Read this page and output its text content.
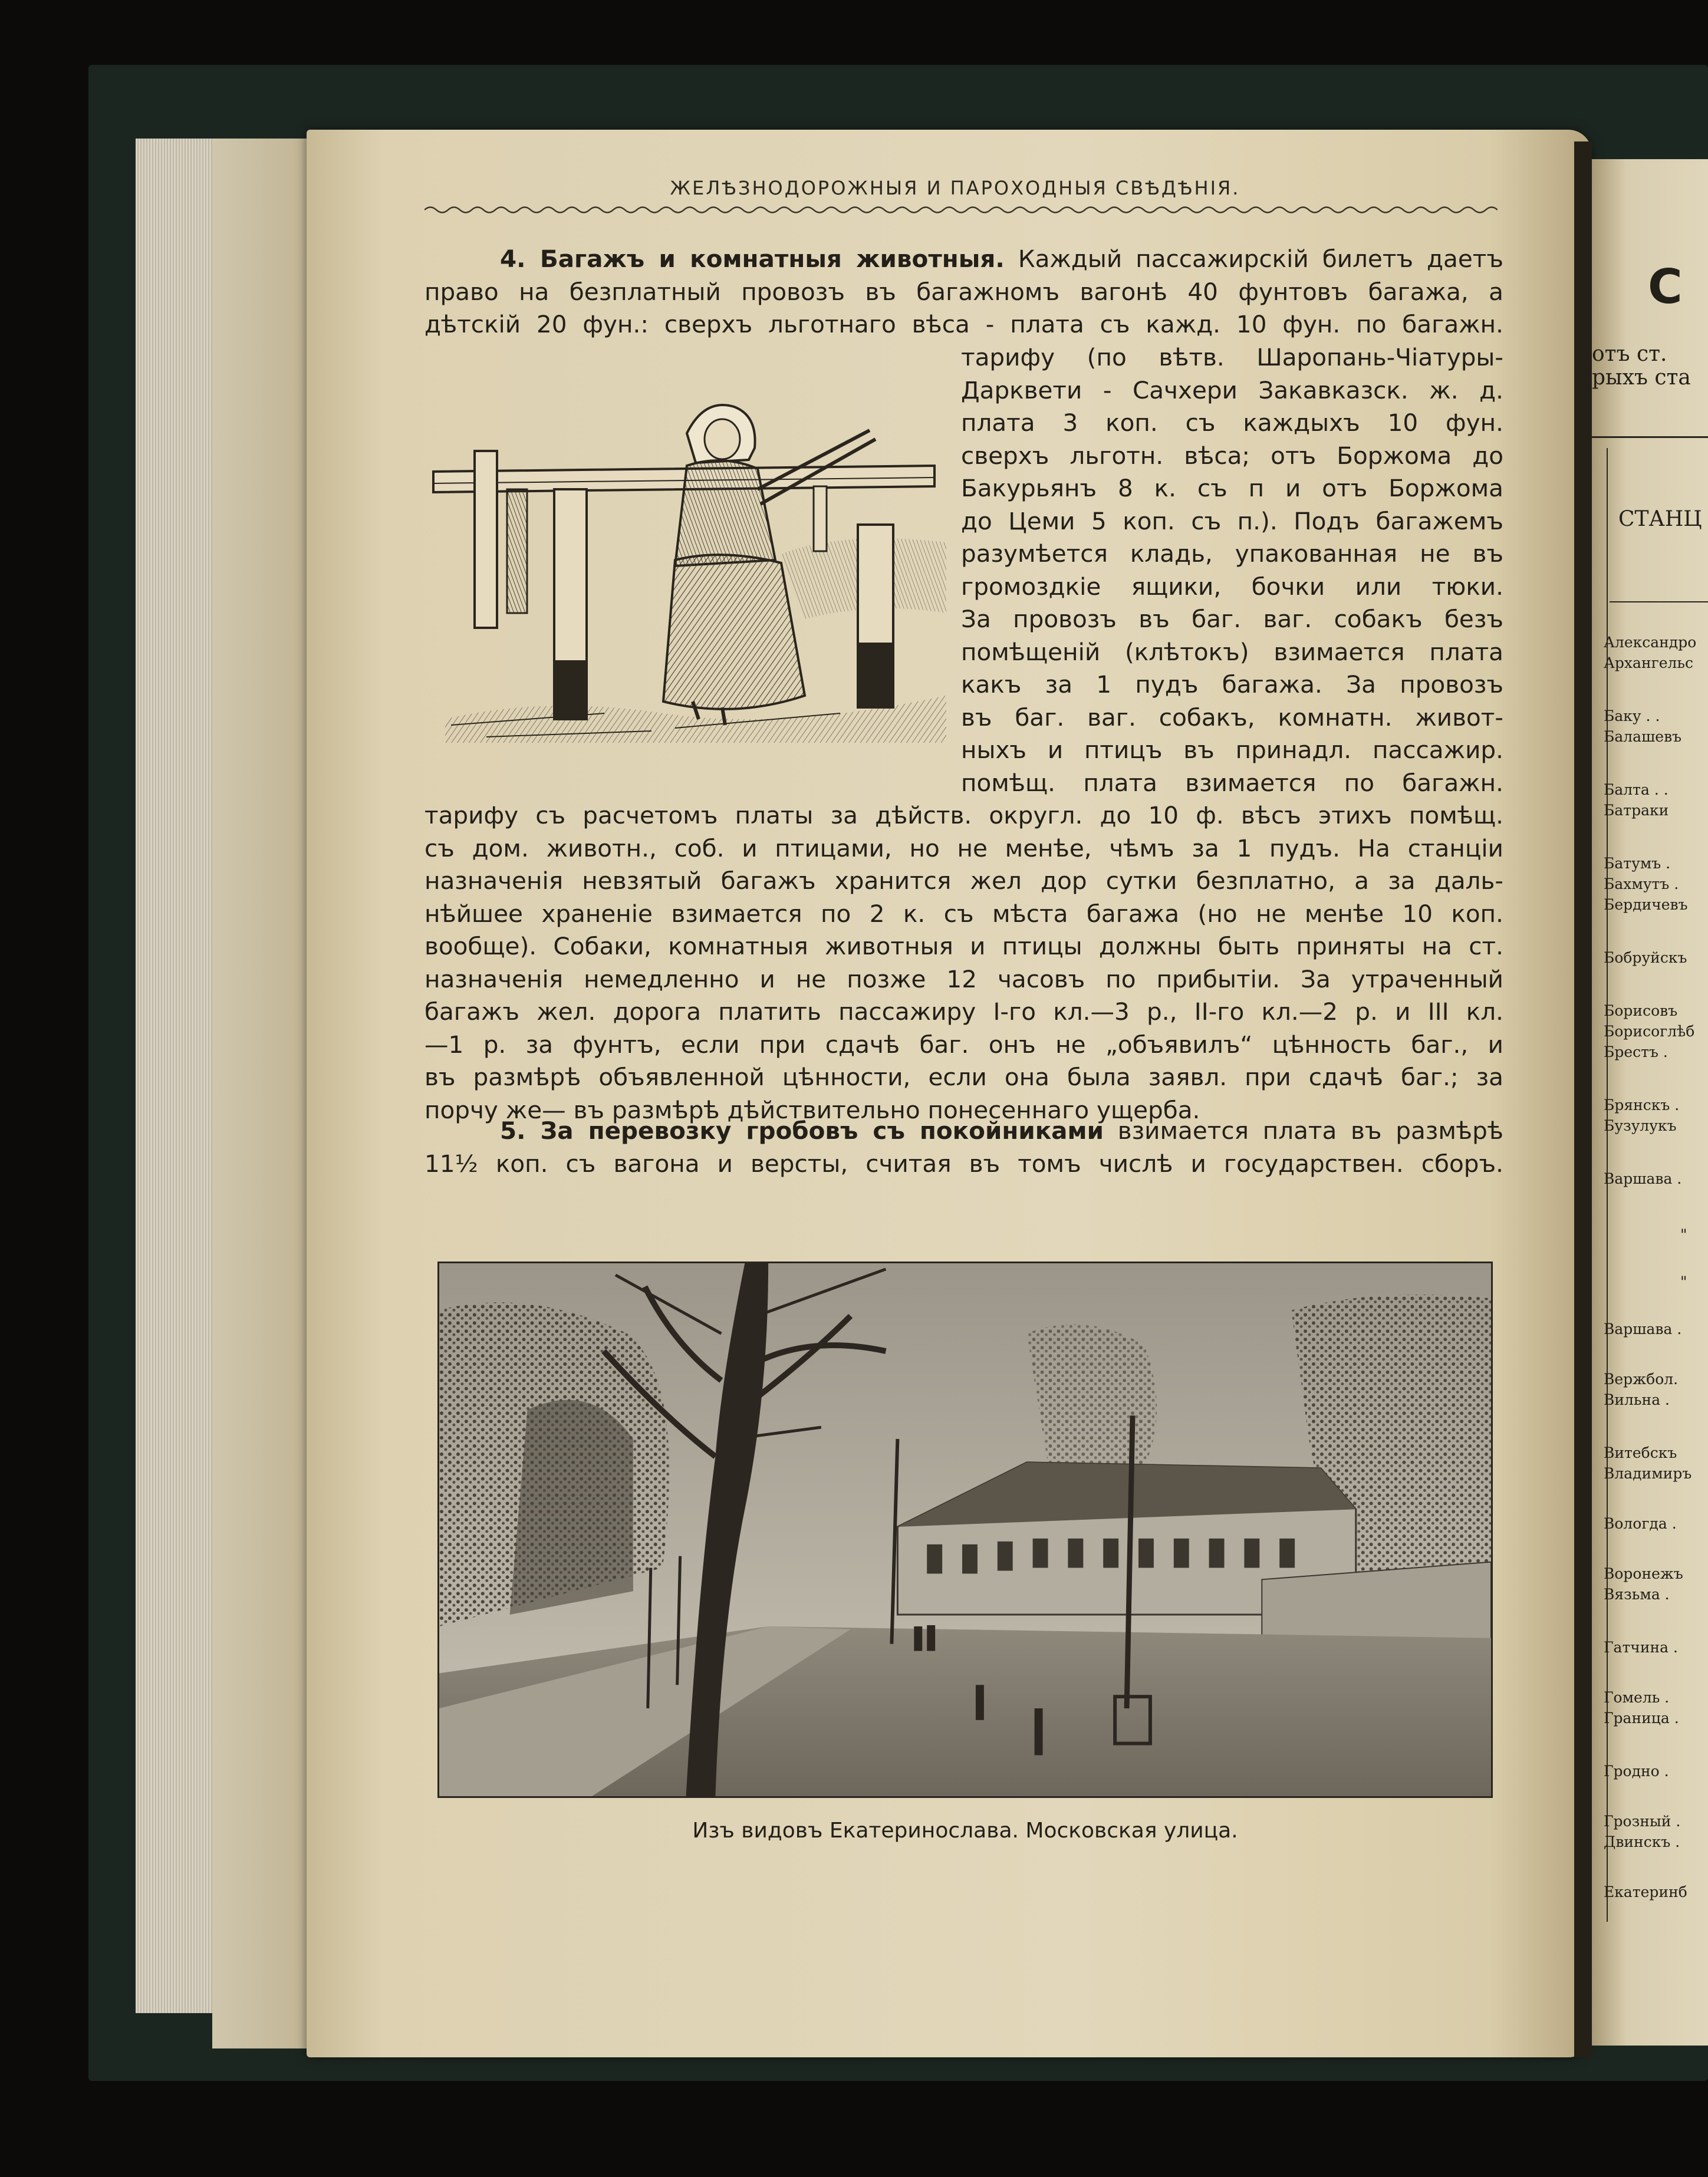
ЖЕЛѢЗНОДОРОЖНЫЯ И ПАРОХОДНЫЯ СВѢДѢНІЯ.
4. Багажъ и комнатныя животныя. Каждый пассажирскій билетъ даетъ
право на безплатный провозъ въ багажномъ вагонѣ 40 фунтовъ багажа, а
дѣтскій 20 фун.: сверхъ льготнаго вѣса - плата съ кажд. 10 фун. по багажн.
тарифу (по вѣтв. Шаропань-Чіатуры-
Дарквети - Сачхери Закавказск. ж. д.
плата 3 коп. съ каждыхъ 10 фун.
сверхъ льготн. вѣса; отъ Боржома до
Бакурьянъ 8 к. съ п и отъ Боржома
до Цеми 5 коп. съ п.). Подъ багажемъ
разумѣется кладь, упакованная не въ
громоздкіе ящики, бочки или тюки.
За провозъ въ баг. ваг. собакъ безъ
помѣщеній (клѣтокъ) взимается плата
какъ за 1 пудъ багажа. За провозъ
въ баг. ваг. собакъ, комнатн. живот-
ныхъ и птицъ въ принадл. пассажир.
помѣщ. плата взимается по багажн.
тарифу съ расчетомъ платы за дѣйств. округл. до 10 ф. вѣсъ этихъ помѣщ.
съ дом. животн., соб. и птицами, но не менѣе, чѣмъ за 1 пудъ. На станціи
назначенія невзятый багажъ хранится жел дор сутки безплатно, а за даль-
нѣйшее храненіе взимается по 2 к. съ мѣста багажа (но не менѣе 10 коп.
вообще). Собаки, комнатныя животныя и птицы должны быть приняты на ст.
назначенія немедленно и не позже 12 часовъ по прибытіи. За утраченный
багажъ жел. дорога платить пассажиру I-го кл.—3 р., II-го кл.—2 р. и III кл.
—1 р. за фунтъ, если при сдачѣ баг. онъ не „объявилъ“ цѣнность баг., и
въ размѣрѣ объявленной цѣнности, если она была заявл. при сдачѣ баг.; за
порчу же— въ размѣрѣ дѣйствительно понесеннаго ущерба.
5. За перевозку гробовъ съ покойниками взимается плата въ размѣрѣ
11½ коп. съ вагона и версты, считая въ томъ числѣ и государствен. сборъ.
Изъ видовъ Екатеринослава. Московская улица.
С
отъ ст.
рыхъ ста
СТАНЦ
Александро
Архангельс
Баку . .
Балашевъ
Балта . .
Батраки
Батумъ .
Бахмутъ .
Бердичевъ
Бобруйскъ
Борисовъ
Борисоглѣб
Брестъ .
Брянскъ .
Бузулукъ
Варшава .
"
"
Варшава .
Вержбол.
Вильна .
Витебскъ
Владимиръ
Вологда .
Воронежъ
Вязьма .
Гатчина .
Гомель .
Граница .
Гродно .
Грозный .
Двинскъ .
Екатеринб
